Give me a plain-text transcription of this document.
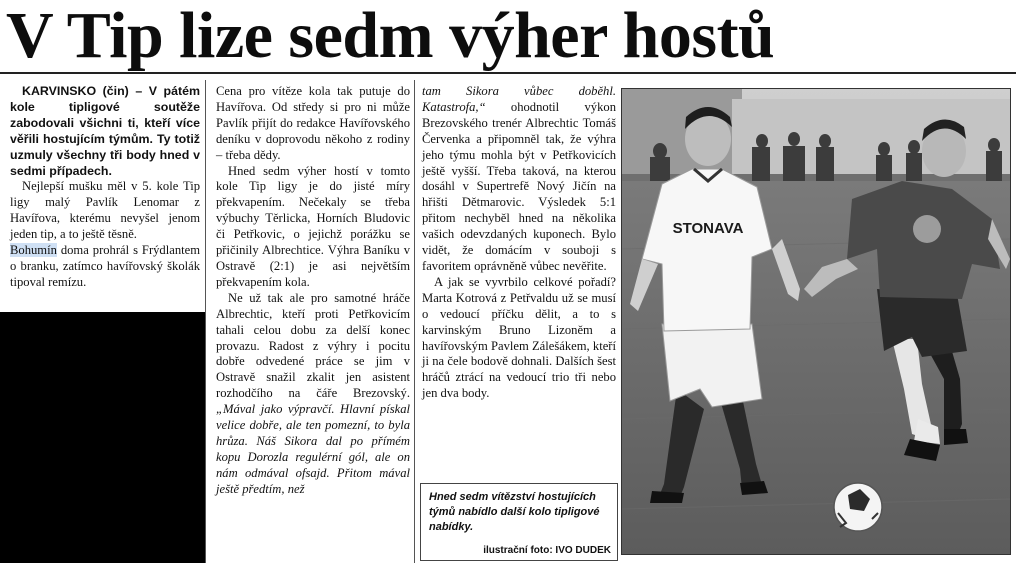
V Tip lize sedm výher hostů

KARVINSKO (čin) – V pátém kole tipligové soutěže zabodovali všichni ti, kteří více věřili hostujícím týmům. Ty totiž uzmuly všechny tři body hned v sedmi případech.

Nejlepší mušku měl v 5. kole Tip ligy malý Pavlík Lenomar z Havířova, kterému nevyšel jenom jeden tip, a to ještě těsně.

Bohumín doma prohrál s Frýdlantem o branku, zatímco havířovský školák tipoval remízu.

Cena pro vítěze kola tak putuje do Havířova. Od středy si pro ni může Pavlík přijít do redakce Havířovského deníku v doprovodu někoho z rodiny – třeba dědy.

Hned sedm výher hostí v tomto kole Tip ligy je do jisté míry překvapením. Nečekaly se třeba výbuchy Těrlicka, Horních Bludovic či Petřkovic, o jejichž porážku se přičinily Albrechtice. Výhra Baníku v Ostravě (2:1) je asi největším překvapením kola.

Ne už tak ale pro samotné hráče Albrechtic, kteří proti Petřkovicím tahali celou dobu za delší konec provazu. Radost z výhry i pocitu dobře odvedené práce se jim v Ostravě snažil zkalit jen asistent rozhodčího na čáře Brezovský. „Mával jako výpravčí. Hlavní pískal velice dobře, ale ten pomezní, to byla hrůza. Náš Sikora dal po přímém kopu Dorozla regulérní gól, ale on nám odmával ofsajd. Přitom mával ještě předtím, než

tam Sikora vůbec doběhl. Katastrofa,“ ohodnotil výkon Brezovského trenér Albrechtic Tomáš Červenka a připomněl tak, že výhra jeho týmu mohla být v Petřkovicích ještě vyšší. Třeba taková, na kterou dosáhl v Supertrefě Nový Jičín na hřišti Dětmarovic. Výsledek 5:1 přitom nechyběl hned na několika vašich odevzdaných kuponech. Bylo vidět, že domácím v souboji s favoritem oprávněně vůbec nevěřite.

A jak se vyvrbilo celkové pořadí? Marta Kotrová z Petřvaldu už se musí o vedoucí příčku dělit, a to s karvinským Bruno Lizoněm a havířovským Pavlem Zálešákem, kteří ji na čele bodově dohnali. Dalších šest hráčů ztrácí na vedoucí trio tři nebo jen dva body.

Hned sedm vítězství hostujících týmů nabídlo další kolo tipligové nabídky.

ilustrační foto: IVO DUDEK
STONAVA
